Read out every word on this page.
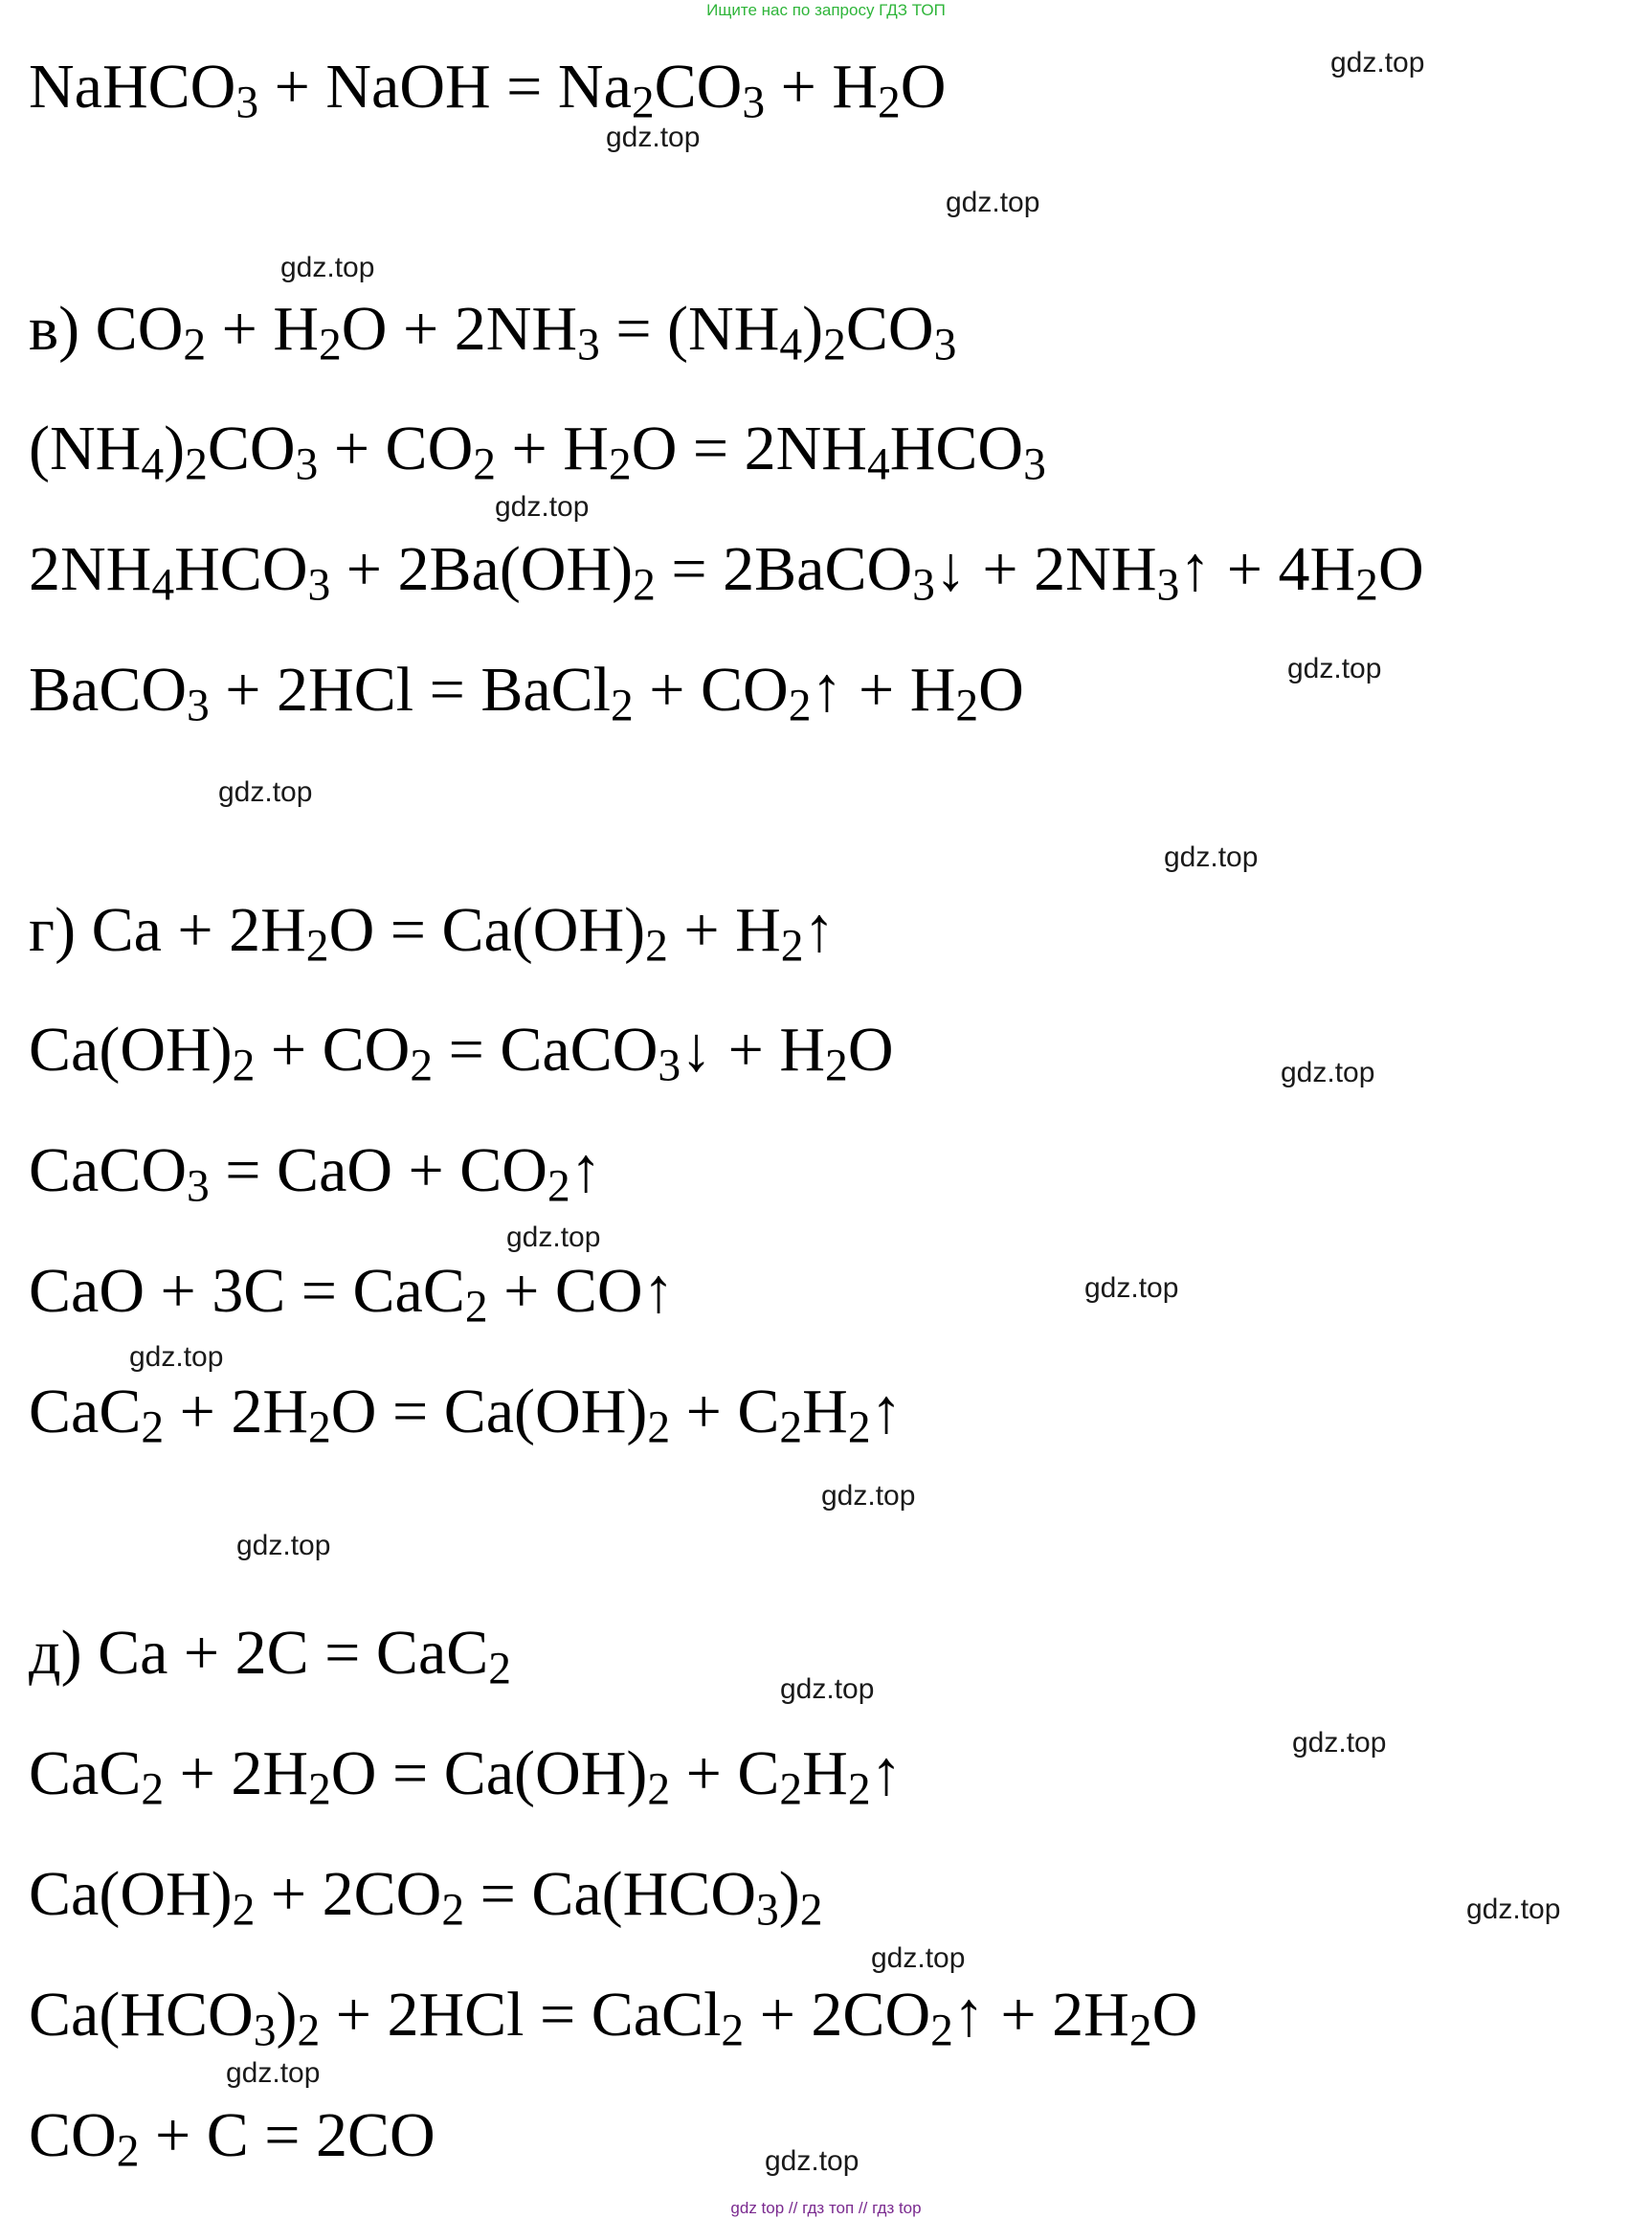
Ищите нас по запросу ГДЗ ТОП
NaHCO$_3$ + NaOH = $Na_2CO_3 + H_2O$
в) $CO_2 + H_2O + 2NH_3 = (NH_4)_2CO_3$
$(NH_4)_2CO_3 + CO_2 + H_2O = 2NH_4HCO_3$
$2NH_4HCO_3 + 2Ba(OH)_2$ = 2BaCO$_3$↓ + $2NH_3↑ + 4H_2O$
BaCO$_3$ + 2HCl = BaCl$_2$ + $CO_2↑ + H_2O$
г) $Ca + 2H_2O = Ca(OH)_2$ + $H_2↑$
$Ca(OH)_2 + CO_2$ = CaCO$_3$↓ + $H_2O$
CaCO$_3$ = CaO + $CO_2↑$
CaO + 3C = CaC$_2$ + CO↑
$CaC_2 + 2H_2O = Ca(OH)_2$ + $C_2H_2↑$
д) Ca + 2C = CaC$_2$
$CaC_2 + 2H_2O = Ca(OH)_2$ + $C_2H_2↑$
$Ca(OH)_2 + 2CO_2 = Ca(HCO_3)_2$
$Ca(HCO_3)_2 + 2HCl$ = CaCl$_2$ + $2CO_2↑ + 2H_2O$
$CO_2 + C = 2CO$
gdz.top
gdz.top
gdz.top
gdz.top
gdz.top
gdz.top
gdz.top
gdz.top
gdz.top
gdz.top
gdz.top
gdz.top
gdz.top
gdz.top
gdz.top
gdz.top
gdz.top
gdz.top
gdz.top
gdz.top
gdz top // гдз топ // гдз top
